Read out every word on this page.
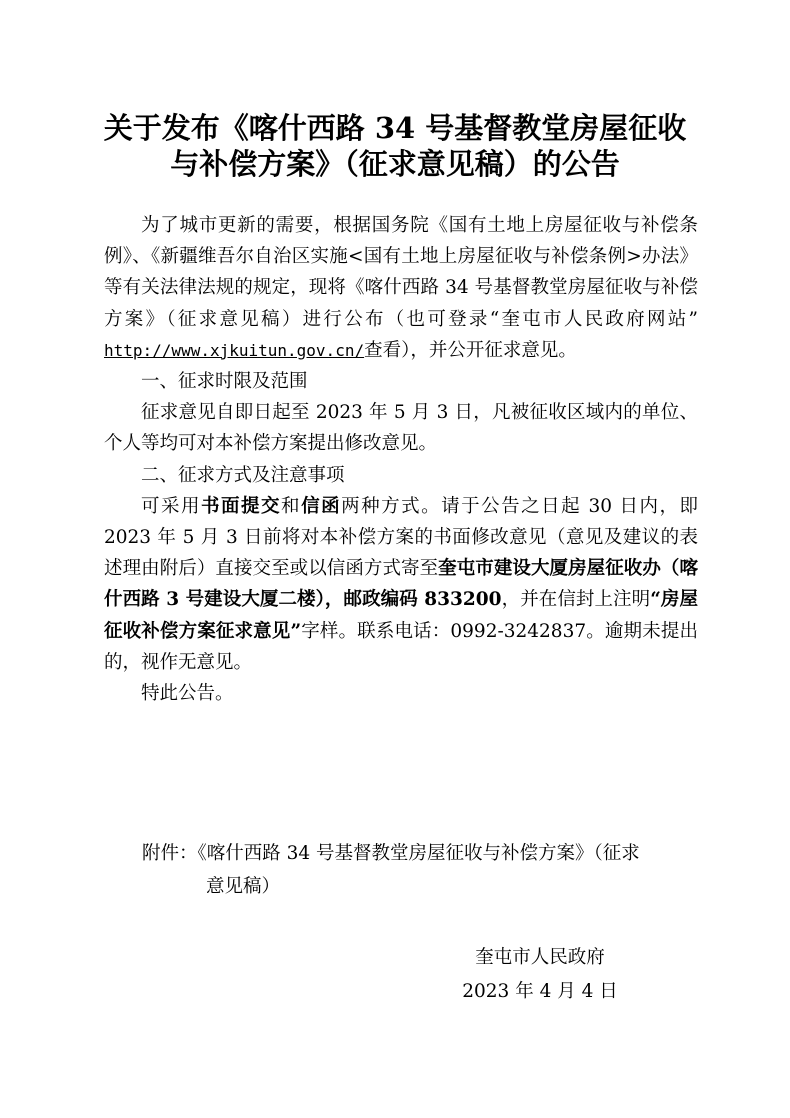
关于发布《喀什西路 34 号基督教堂房屋征收
与补偿方案》（征求意见稿）的公告

为了城市更新的需要，根据国务院《国有土地上房屋征收与补偿条例》、《新疆维吾尔自治区实施<国有土地上房屋征收与补偿条例>办法》等有关法律法规的规定，现将《喀什西路 34 号基督教堂房屋征收与补偿方案》（征求意见稿）进行公布（也可登录“奎屯市人民政府网站” http://www.xjkuitun.gov.cn/查看），并公开征求意见。

一、征求时限及范围

征求意见自即日起至 2023 年 5 月 3 日，凡被征收区域内的单位、个人等均可对本补偿方案提出修改意见。

二、征求方式及注意事项

可采用书面提交和信函两种方式。请于公告之日起 30 日内，即 2023 年 5 月 3 日前将对本补偿方案的书面修改意见（意见及建议的表述理由附后）直接交至或以信函方式寄至奎屯市建设大厦房屋征收办（喀什西路 3 号建设大厦二楼），邮政编码 833200，并在信封上注明“房屋征收补偿方案征求意见”字样。联系电话：0992-3242837。逾期未提出的，视作无意见。

特此公告。

附件：《喀什西路 34 号基督教堂房屋征收与补偿方案》（征求
意见稿）
奎屯市人民政府
2023 年 4 月 4 日
